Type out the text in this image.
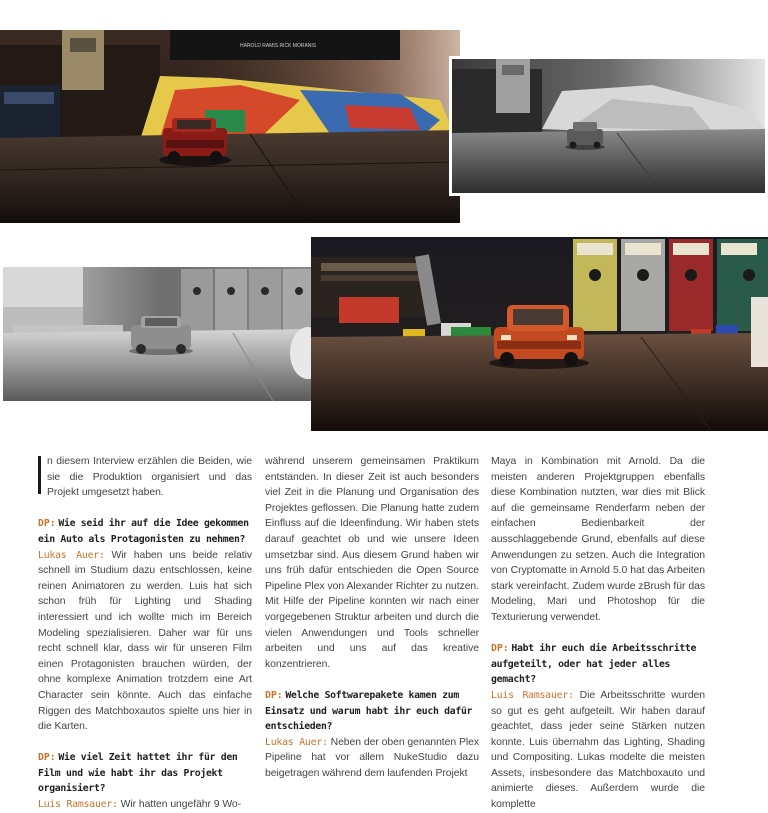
HAROLD RAMIS RICK MORANIS

n diesem Interview erzählen die Beiden, wie sie die Produktion organisiert und das Projekt umgesetzt haben.

DP: Wie seid ihr auf die Idee gekommen ein Auto als Protagonisten zu nehmen?

Lukas Auer: Wir haben uns beide relativ schnell im Studium dazu entschlossen, keine reinen Animatoren zu werden. Luis hat sich schon früh für Lighting und Shading interessiert und ich wollte mich im Bereich Modeling spezialisieren. Daher war für uns recht schnell klar, dass wir für unseren Film einen Protagonisten brauchen würden, der ohne komplexe Animation trotzdem eine Art Character sein könnte. Auch das einfache Riggen des Matchboxautos spielte uns hier in die Karten.

DP: Wie viel Zeit hattet ihr für den Film und wie habt ihr das Projekt organisiert?

Luis Ramsauer: Wir hatten ungefähr 9 Wo-

während unserem gemeinsamen Praktikum entstanden. In dieser Zeit ist auch besonders viel Zeit in die Planung und Organisation des Projektes geflossen. Die Planung hatte zudem Einfluss auf die Ideenfindung. Wir haben stets darauf geachtet ob und wie unsere Ideen umsetzbar sind. Aus diesem Grund haben wir uns früh dafür entschieden die Open Source Pipeline Plex von Alexander Richter zu nutzen. Mit Hilfe der Pipeline konnten wir nach einer vorgegebenen Struktur arbeiten und durch die vielen Anwendungen und Tools schneller arbeiten und uns auf das kreative konzentrieren.

DP: Welche Softwarepakete kamen zum Einsatz und warum habt ihr euch dafür entschieden?

Lukas Auer: Neben der oben genannten Plex Pipeline hat vor allem NukeStudio dazu beigetragen während dem laufenden Projekt

Maya in Kombination mit Arnold. Da die meisten anderen Projektgruppen ebenfalls diese Kombination nutzten, war dies mit Blick auf die gemeinsame Renderfarm neben der einfachen Bedienbarkeit der ausschlaggebende Grund, ebenfalls auf diese Anwendungen zu setzen. Auch die Integration von Cryptomatte in Arnold 5.0 hat das Arbeiten stark vereinfacht. Zudem wurde zBrush für das Modeling, Mari und Photoshop für die Texturierung verwendet.

DP: Habt ihr euch die Arbeitsschritte aufgeteilt, oder hat jeder alles gemacht?

Luis Ramsauer: Die Arbeitsschritte wurden so gut es geht aufgeteilt. Wir haben darauf geachtet, dass jeder seine Stärken nutzen konnte. Luis übernahm das Lighting, Shading und Compositing. Lukas modelte die meisten Assets, insbesondere das Matchboxauto und animierte dieses. Außerdem wurde die komplette
